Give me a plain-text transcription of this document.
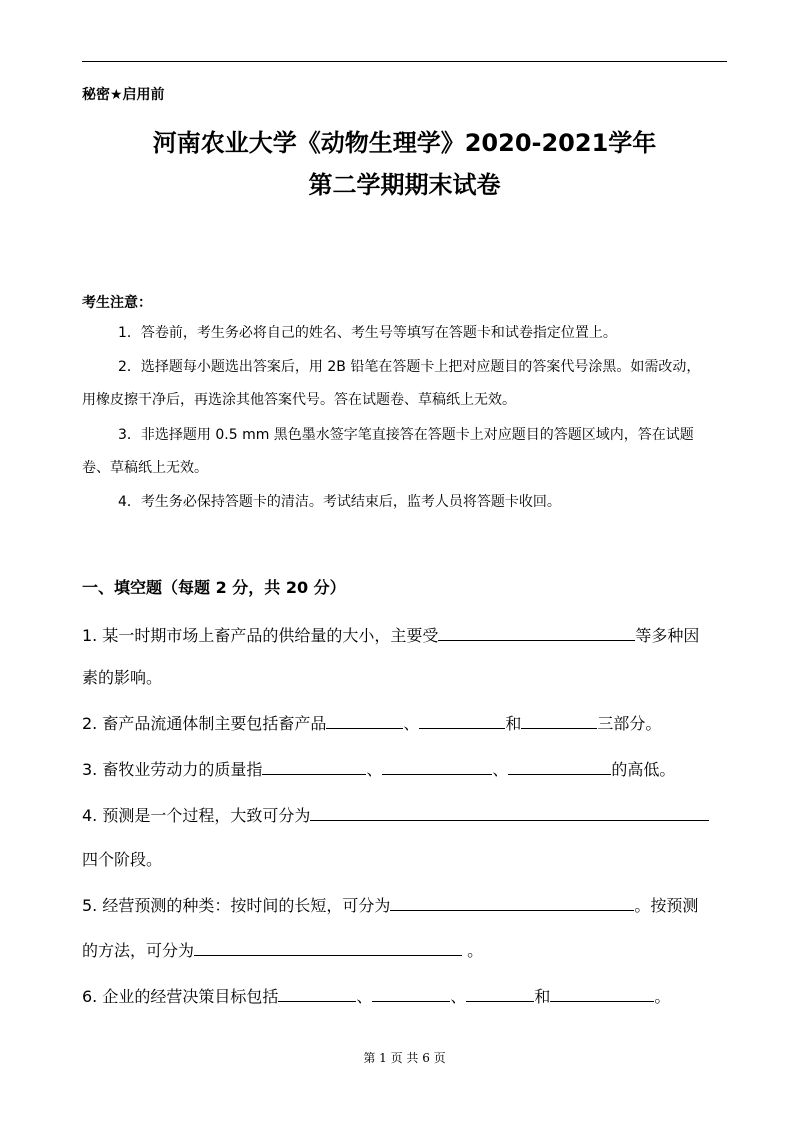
秘密★启用前
河南农业大学《动物生理学》2020-2021学年
第二学期期末试卷
考生注意：
1．答卷前，考生务必将自己的姓名、考生号等填写在答题卡和试卷指定位置上。
2．选择题每小题选出答案后，用 2B 铅笔在答题卡上把对应题目的答案代号涂黑。如需改动，
用橡皮擦干净后，再选涂其他答案代号。答在试题卷、草稿纸上无效。
3．非选择题用 0.5 mm 黑色墨水签字笔直接答在答题卡上对应题目的答题区域内，答在试题
卷、草稿纸上无效。
4．考生务必保持答题卡的清洁。考试结束后，监考人员将答题卡收回。
一、填空题（每题 2 分，共 20 分）
1. 某一时期市场上畜产品的供给量的大小，主要受	等多种因
素的影响。
2. 畜产品流通体制主要包括畜产品	、	和	三部分。
3. 畜牧业劳动力的质量指	、	、	的高低。
4. 预测是一个过程，大致可分为
四个阶段。
5. 经营预测的种类：按时间的长短，可分为	。按预测
的方法，可分为	。
6. 企业的经营决策目标包括	、	、	和	。
第 1 页 共 6 页
